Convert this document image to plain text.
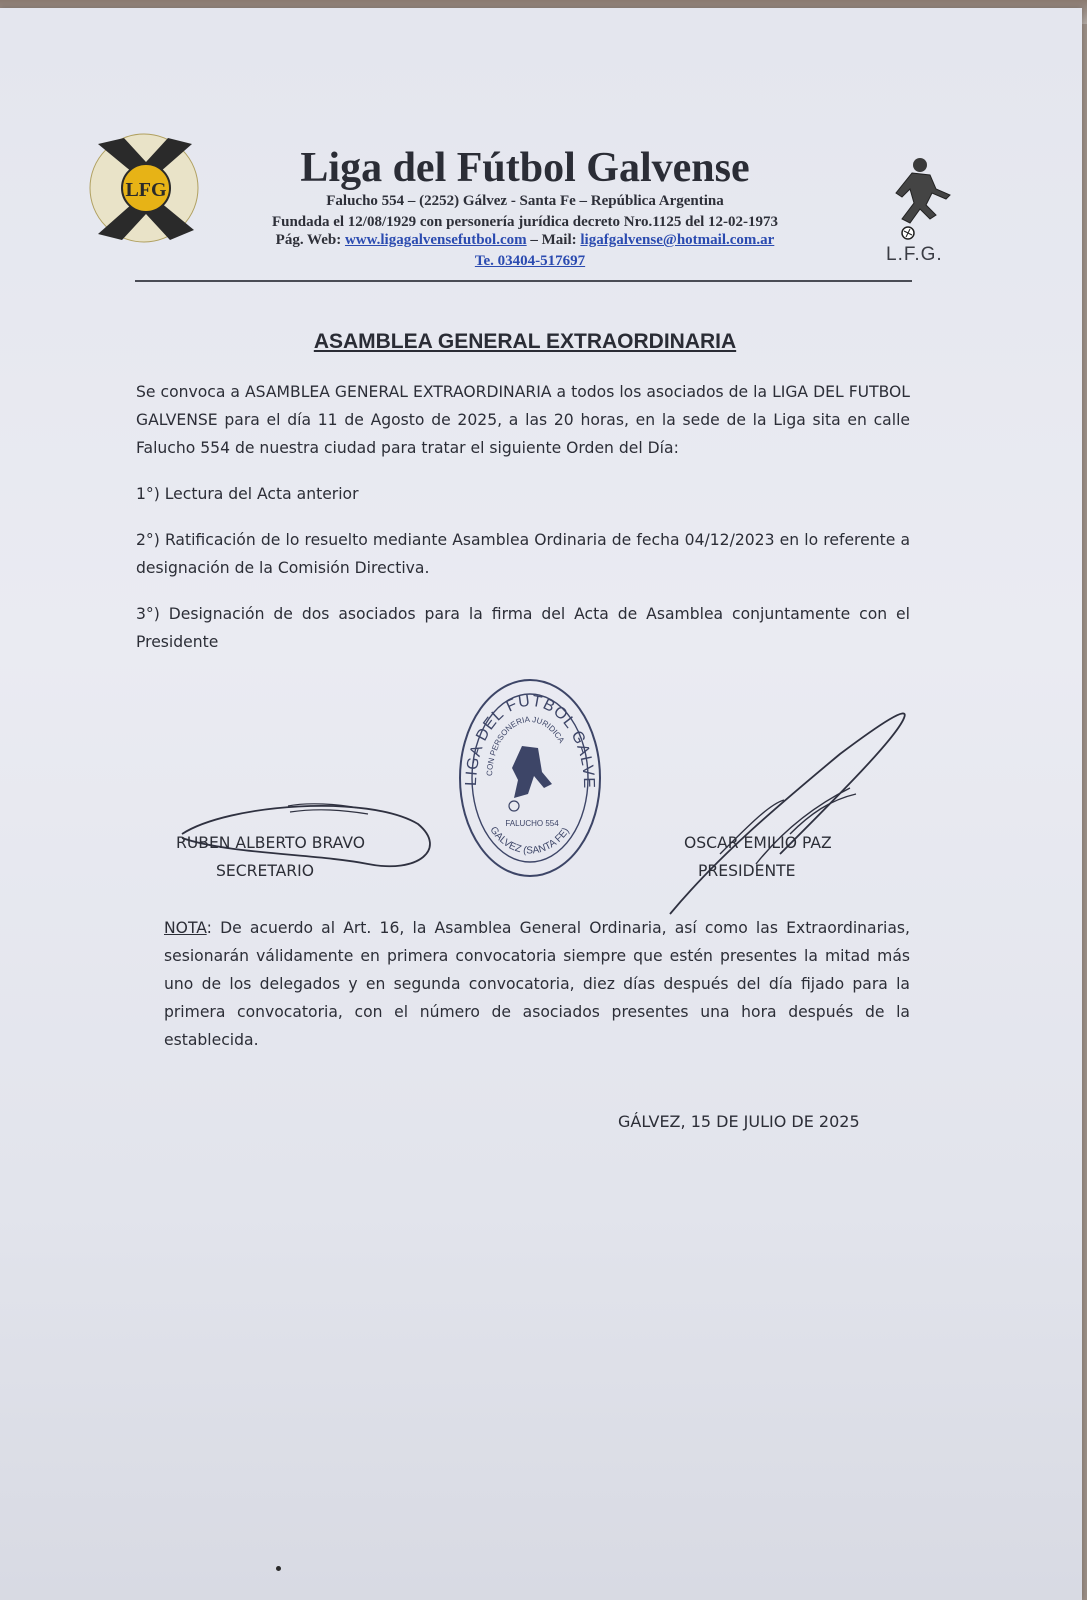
LFG
L.F.G.
Liga del Fútbol Galvense
Falucho 554 – (2252) Gálvez - Santa Fe – República Argentina
Fundada el 12/08/1929 con personería jurídica decreto Nro.1125 del 12-02-1973
Pág. Web: www.ligagalvensefutbol.com – Mail: ligafgalvense@hotmail.com.ar
Te. 03404-517697
ASAMBLEA GENERAL EXTRAORDINARIA
Se convoca a ASAMBLEA GENERAL EXTRAORDINARIA a todos los asociados de la LIGA DEL FUTBOL GALVENSE para el día 11 de Agosto de 2025, a las 20 horas, en la sede de la Liga sita en calle Falucho 554 de nuestra ciudad para tratar el siguiente Orden del Día:
1°) Lectura del Acta anterior
2°) Ratificación de lo resuelto mediante Asamblea Ordinaria de fecha 04/12/2023 en lo referente a designación de la Comisión Directiva.
3°) Designación de dos asociados para la firma del Acta de Asamblea conjuntamente con el Presidente
RUBEN ALBERTO BRAVO
SECRETARIO
LIGA DEL FUTBOL GALVE
CON PERSONERIA JURIDICA
FALUCHO 554
GALVEZ (SANTA FE)
OSCAR EMILIO PAZ
PRESIDENTE
NOTA: De acuerdo al Art. 16, la Asamblea General Ordinaria, así como las Extraordinarias, sesionarán válidamente en primera convocatoria siempre que estén presentes la mitad más uno de los delegados y en segunda convocatoria, diez días después del día fijado para la primera convocatoria, con el número de asociados presentes una hora después de la establecida.
GÁLVEZ, 15 DE JULIO DE 2025
